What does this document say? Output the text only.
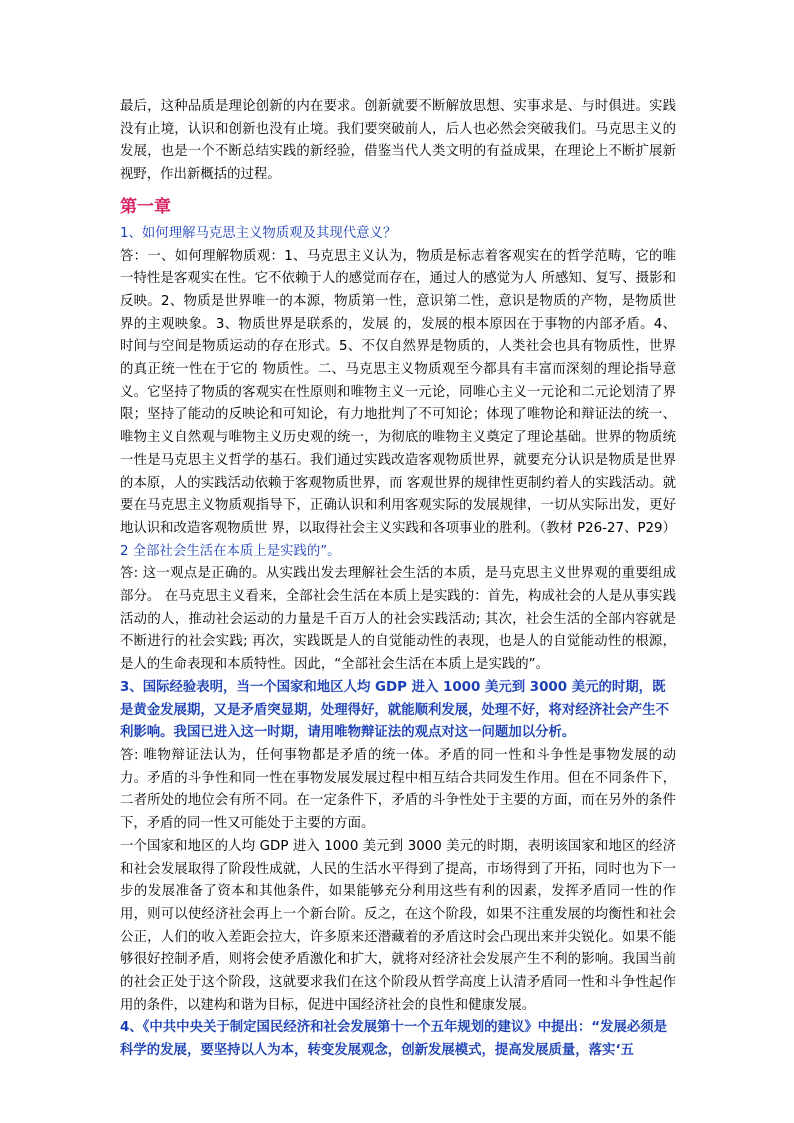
最后，这种品质是理论创新的内在要求。创新就要不断解放思想、实事求是、与时俱进。实践没有止境，认识和创新也没有止境。我们要突破前人，后人也必然会突破我们。马克思主义的发展，也是一个不断总结实践的新经验，借鉴当代人类文明的有益成果，在理论上不断扩展新视野，作出新概括的过程。

第一章

1、如何理解马克思主义物质观及其现代意义？

答：一、如何理解物质观：1、马克思主义认为，物质是标志着客观实在的哲学范畴，它的唯一特性是客观实在性。它不依赖于人的感觉而存在，通过人的感觉为人 所感知、复写、摄影和反映。2、物质是世界唯一的本源，物质第一性，意识第二性，意识是物质的产物，是物质世界的主观映象。3、物质世界是联系的，发展 的，发展的根本原因在于事物的内部矛盾。4、时间与空间是物质运动的存在形式。5、不仅自然界是物质的，人类社会也具有物质性，世界的真正统一性在于它的 物质性。二、马克思主义物质观至今都具有丰富而深刻的理论指导意义。它坚持了物质的客观实在性原则和唯物主义一元论，同唯心主义一元论和二元论划清了界 限；坚持了能动的反映论和可知论，有力地批判了不可知论；体现了唯物论和辩证法的统一、唯物主义自然观与唯物主义历史观的统一，为彻底的唯物主义奠定了理论基础。世界的物质统一性是马克思主义哲学的基石。我们通过实践改造客观物质世界，就要充分认识是物质是世界的本原，人的实践活动依赖于客观物质世界，而 客观世界的规律性更制约着人的实践活动。就要在马克思主义物质观指导下，正确认识和利用客观实际的发展规律，一切从实际出发，更好地认识和改造客观物质世 界，以取得社会主义实践和各项事业的胜利。（教材 P26-27、P29）

2 全部社会生活在本质上是实践的”。

答: 这一观点是正确的。从实践出发去理解社会生活的本质，是马克思主义世界观的重要组成部分。 在马克思主义看来，全部社会生活在本质上是实践的：首先，构成社会的人是从事实践活动的人，推动社会运动的力量是千百万人的社会实践活动; 其次，社会生活的全部内容就是不断进行的社会实践; 再次，实践既是人的自觉能动性的表现，也是人的自觉能动性的根源，是人的生命表现和本质特性。因此，“全部社会生活在本质上是实践的”。

3、国际经验表明，当一个国家和地区人均 GDP 进入 1000 美元到 3000 美元的时期，既是黄金发展期，又是矛盾突显期，处理得好，就能顺利发展，处理不好，将对经济社会产生不利影响。我国已进入这一时期，请用唯物辩证法的观点对这一问题加以分析。

答: 唯物辩证法认为，任何事物都是矛盾的统一体。矛盾的同一性和斗争性是事物发展的动力。矛盾的斗争性和同一性在事物发展发展过程中相互结合共同发生作用。但在不同条件下，二者所处的地位会有所不同。在一定条件下，矛盾的斗争性处于主要的方面，而在另外的条件下，矛盾的同一性又可能处于主要的方面。

一个国家和地区的人均 GDP 进入 1000 美元到 3000 美元的时期，表明该国家和地区的经济和社会发展取得了阶段性成就，人民的生活水平得到了提高，市场得到了开拓，同时也为下一步的发展准备了资本和其他条件，如果能够充分利用这些有利的因素，发挥矛盾同一性的作用，则可以使经济社会再上一个新台阶。反之，在这个阶段，如果不注重发展的均衡性和社会公正，人们的收入差距会拉大，许多原来还潜藏着的矛盾这时会凸现出来并尖锐化。如果不能够很好控制矛盾，则将会使矛盾激化和扩大，就将对经济社会发展产生不利的影响。我国当前的社会正处于这个阶段，这就要求我们在这个阶段从哲学高度上认清矛盾同一性和斗争性起作用的条件，以建构和谐为目标，促进中国经济社会的良性和健康发展。

4、《中共中央关于制定国民经济和社会发展第十一个五年规划的建议》中提出：“发展必须是科学的发展，要坚持以人为本，转变发展观念，创新发展模式，提高发展质量，落实‘五
